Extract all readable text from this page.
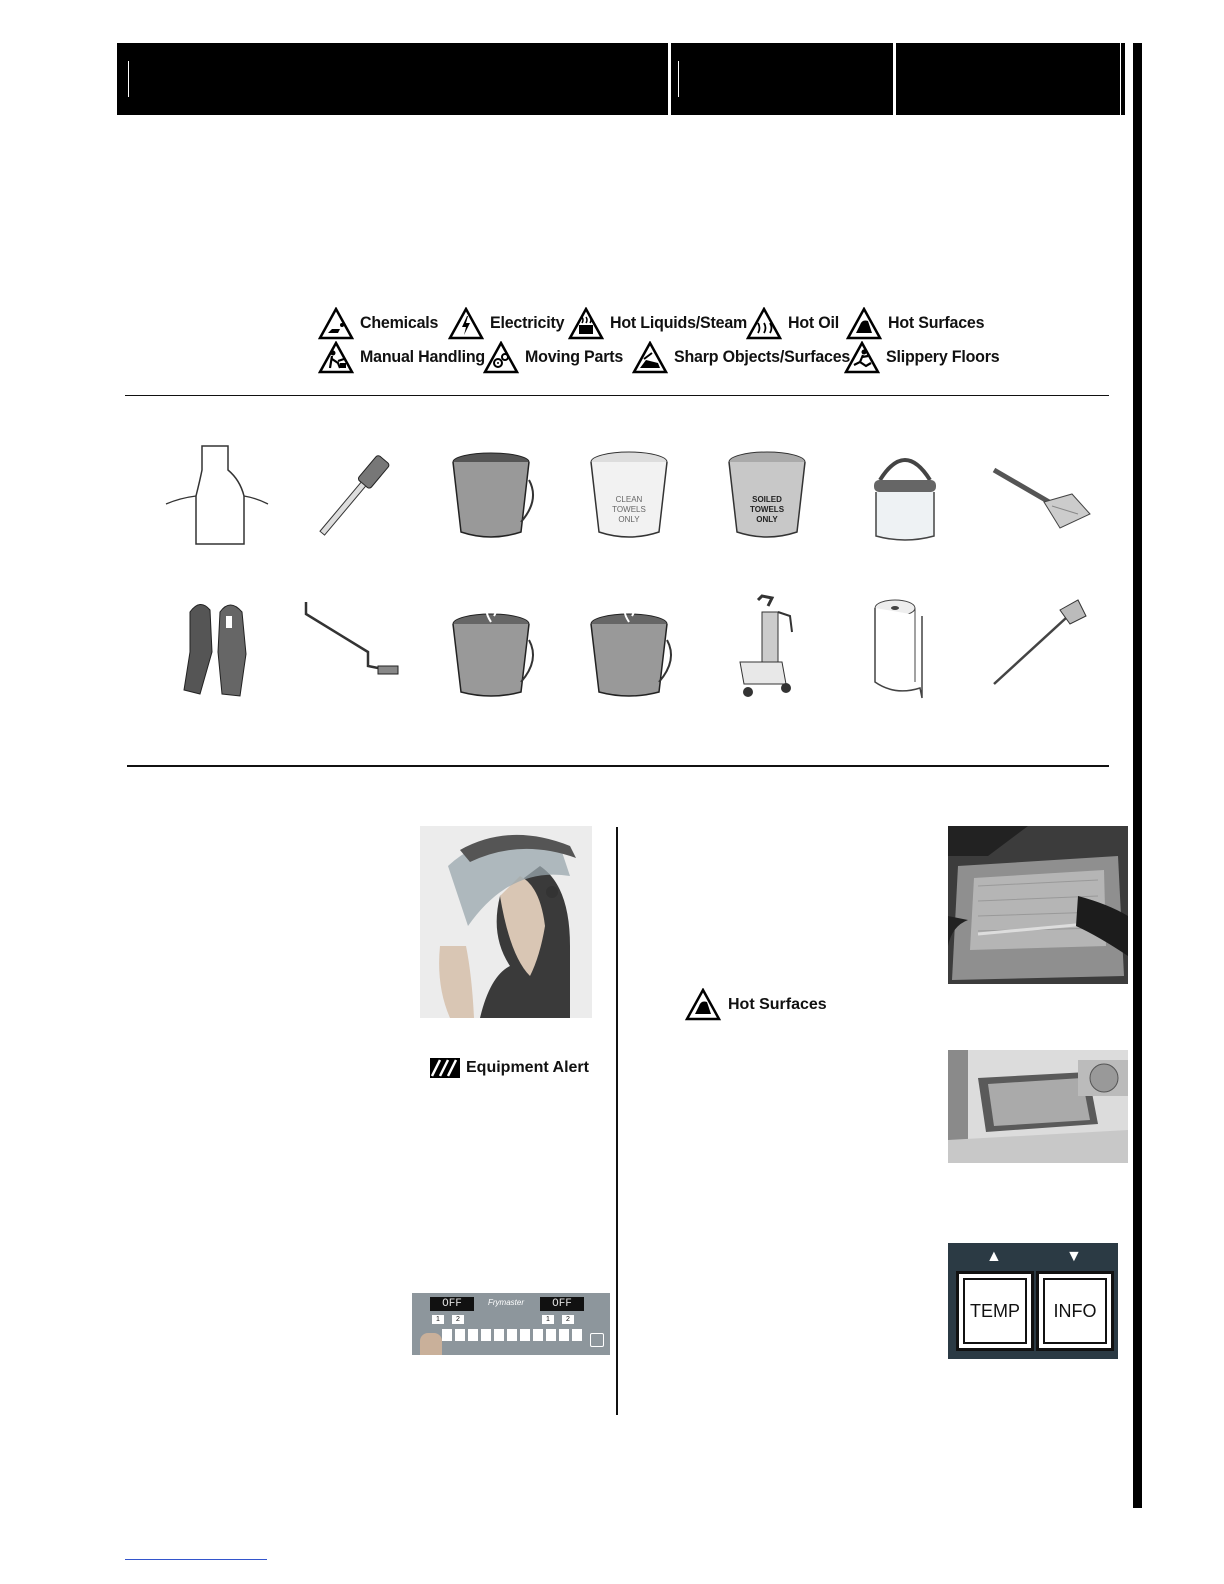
Chemicals	Electricity	Hot Liquids/Steam	Hot Oil	Hot Surfaces
Manual Handling Moving Parts	Sharp Objects/Surfaces Slippery Floors
CLEAN
TOWELS
ONLY
SOILED
TOWELS
ONLY
Equipment Alert
OFF	OFF
Frymaster
1	2	1	2
Hot Surfaces
▲	▼
TEMP	INFO
